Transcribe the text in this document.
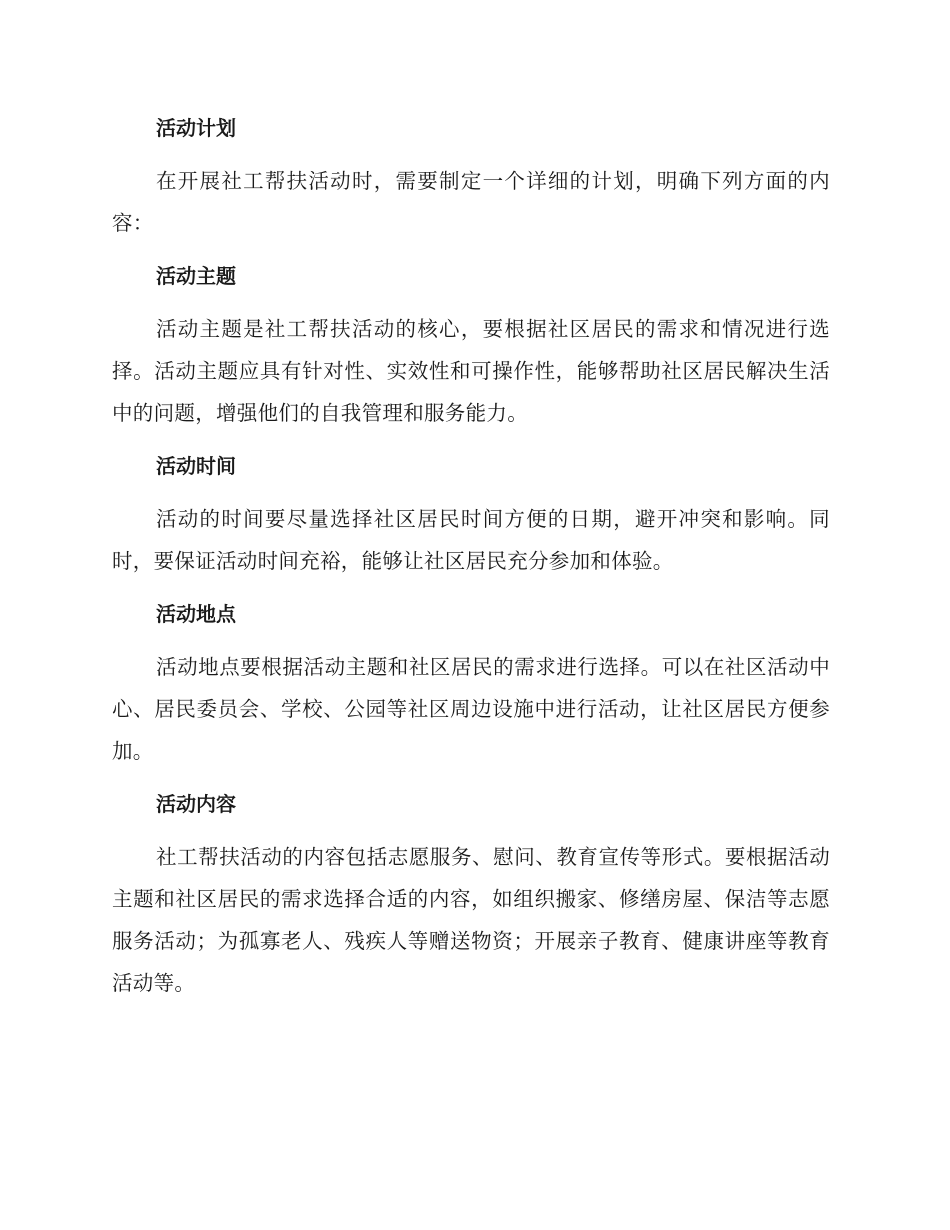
活动计划

在开展社工帮扶活动时，需要制定一个详细的计划，明确下列方面的内容：

活动主题

活动主题是社工帮扶活动的核心，要根据社区居民的需求和情况进行选择。活动主题应具有针对性、实效性和可操作性，能够帮助社区居民解决生活中的问题，增强他们的自我管理和服务能力。

活动时间

活动的时间要尽量选择社区居民时间方便的日期，避开冲突和影响。同时，要保证活动时间充裕，能够让社区居民充分参加和体验。

活动地点

活动地点要根据活动主题和社区居民的需求进行选择。可以在社区活动中心、居民委员会、学校、公园等社区周边设施中进行活动，让社区居民方便参加。

活动内容

社工帮扶活动的内容包括志愿服务、慰问、教育宣传等形式。要根据活动主题和社区居民的需求选择合适的内容，如组织搬家、修缮房屋、保洁等志愿服务活动；为孤寡老人、残疾人等赠送物资；开展亲子教育、健康讲座等教育活动等。
